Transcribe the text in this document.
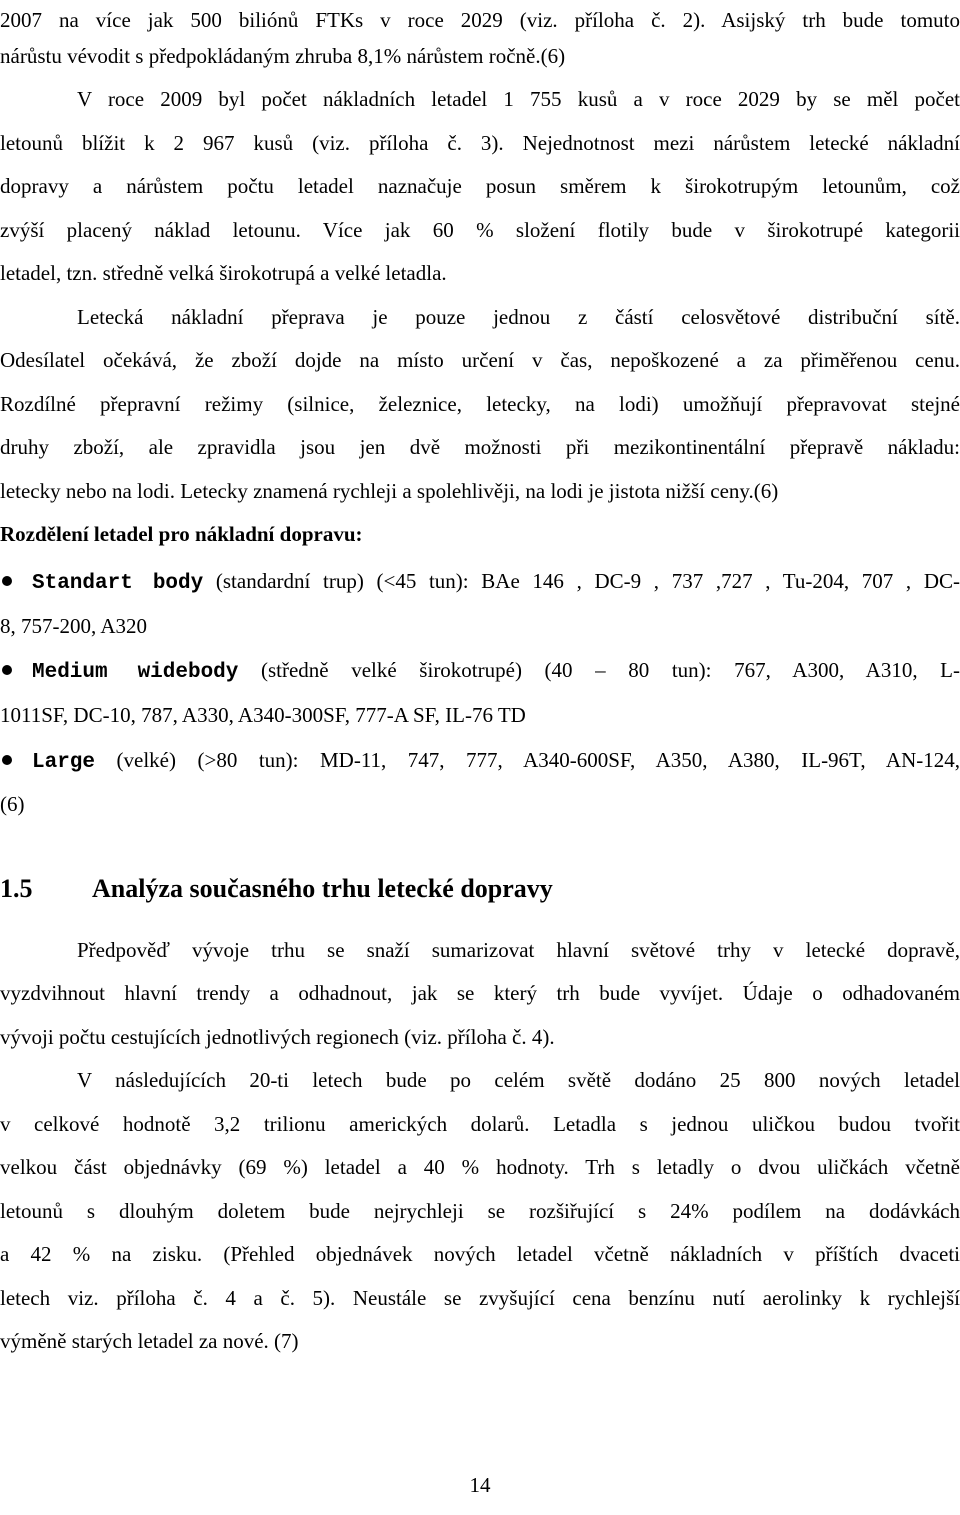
2007 na více jak 500 biliónů FTKs v roce 2029 (viz. příloha č. 2). Asijský trh bude tomuto
nárůstu vévodit s předpokládaným zhruba 8,1% nárůstem ročně.(6)
V roce 2009 byl počet nákladních letadel 1 755 kusů a v roce 2029 by se měl počet
letounů blížit k 2 967 kusů (viz. příloha č. 3). Nejednotnost mezi nárůstem letecké nákladní
dopravy a nárůstem počtu letadel naznačuje posun směrem k širokotrupým letounům, což
zvýší placený náklad letounu. Více jak 60 % složení flotily bude v širokotrupé kategorii
letadel, tzn. středně velká širokotrupá a velké letadla.
Letecká nákladní přeprava je pouze jednou z částí celosvětové distribuční sítě.
Odesílatel očekává, že zboží dojde na místo určení v čas, nepoškozené a za přiměřenou cenu.
Rozdílné přepravní režimy (silnice, železnice, letecky, na lodi) umožňují přepravovat stejné
druhy zboží, ale zpravidla jsou jen dvě možnosti při mezikontinentální přepravě nákladu:
letecky nebo na lodi. Letecky znamená rychleji a spolehlivěji, na lodi je jistota nižší ceny.(6)
Rozdělení letadel pro nákladní dopravu:
Standart body (standardní trup) (<45 tun): BAe 146 , DC-9 , 737 ,727 , Tu-204, 707 , DC-
8, 757-200, A320
Medium widebody (středně velké širokotrupé) (40 – 80 tun): 767, A300, A310, L-
1011SF, DC-10, 787, A330, A340-300SF, 777-A SF, IL-76 TD
Large (velké) (>80 tun): MD-11, 747, 777, A340-600SF, A350, A380, IL-96T, AN-124,
(6)
1.5 Analýza současného trhu letecké dopravy
Předpověď vývoje trhu se snaží sumarizovat hlavní světové trhy v letecké dopravě,
vyzdvihnout hlavní trendy a odhadnout, jak se který trh bude vyvíjet. Údaje o odhadovaném
vývoji počtu cestujících jednotlivých regionech (viz. příloha č. 4).
V následujících 20-ti letech bude po celém světě dodáno 25 800 nových letadel
v celkové hodnotě 3,2 trilionu amerických dolarů. Letadla s jednou uličkou budou tvořit
velkou část objednávky (69 %) letadel a 40 % hodnoty. Trh s letadly o dvou uličkách včetně
letounů s dlouhým doletem bude nejrychleji se rozšiřující s 24% podílem na dodávkách
a 42 % na zisku. (Přehled objednávek nových letadel včetně nákladních v příštích dvaceti
letech viz. příloha č. 4 a č. 5). Neustále se zvyšující cena benzínu nutí aerolinky k rychlejší
výměně starých letadel za nové. (7)
14
